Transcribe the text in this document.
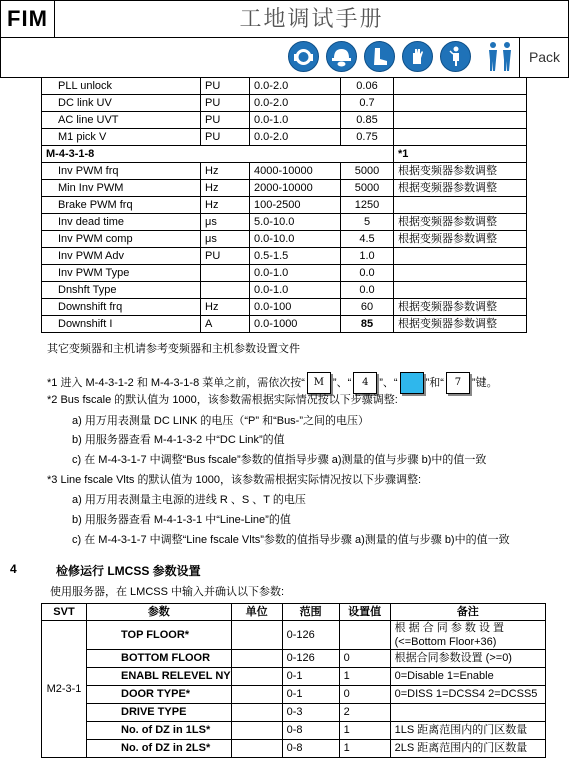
FIM	工地调试手册
Pack
PLL unlock	PU	0.0-2.0	0.06	
DC link UV	PU	0.0-2.0	0.7	
AC line UVT	PU	0.0-1.0	0.85	
M1 pick V	PU	0.0-2.0	0.75	
M-4-3-1-8				*1
Inv PWM frq	Hz	4000-10000	5000	根据变频器参数调整
Min Inv PWM	Hz	2000-10000	5000	根据变频器参数调整
Brake PWM frq	Hz	100-2500	1250	
Inv dead time	μs	5.0-10.0	5	根据变频器参数调整
Inv PWM comp	μs	0.0-10.0	4.5	根据变频器参数调整
Inv PWM Adv	PU	0.5-1.5	1.0	
Inv PWM Type		0.0-1.0	0.0	
Dnshft Type		0.0-1.0	0.0	
Downshift frq	Hz	0.0-100	60	根据变频器参数调整
Downshift I	A	0.0-1000	85	根据变频器参数调整
其它变频器和主机请参考变频器和主机参数设置文件
*1 进入 M-4-3-1-2 和 M-4-3-1-8 菜单之前，需依次按“ M ”、“ 4 ”、“	”和“ 7 ”键。
*2 Bus fscale 的默认值为 1000，该参数需根据实际情况按以下步骤调整:
a) 用万用表测量 DC LINK 的电压（“P” 和“Bus-”之间的电压）
b) 用服务器查看 M-4-1-3-2 中“DC Link”的值
c) 在 M-4-3-1-7 中调整“Bus fscale”参数的值指导步骤 a)测量的值与步骤 b)中的值一致
*3 Line fscale Vlts 的默认值为 1000，该参数需根据实际情况按以下步骤调整:
a) 用万用表测量主电源的进线 R 、S 、T 的电压
b) 用服务器查看 M-4-1-3-1 中“Line-Line”的值
c) 在 M-4-3-1-7 中调整“Line fscale Vlts”参数的值指导步骤 a)测量的值与步骤 b)中的值一致
4	检修运行 LMCSS 参数设置
使用服务器，在 LMCSS 中输入并确认以下参数:
SVT	参数	单位	范围	设置值	备注
M2-3-1	TOP FLOOR*		0-126		根 据 合 同 参 数 设 置
(<=Bottom Floor+36)

	BOTTOM FLOOR		0-126	0	根据合同参数设置 (>=0)
	ENABL RELEVEL NY		0-1	1	0=Disable 1=Enable
	DOOR TYPE*		0-1	0	0=DISS 1=DCSS4 2=DCSS5
	DRIVE TYPE		0-3	2	
	No. of DZ in 1LS*		0-8	1	1LS 距离范围内的门区数量
	No. of DZ in 2LS*		0-8	1	2LS 距离范围内的门区数量
